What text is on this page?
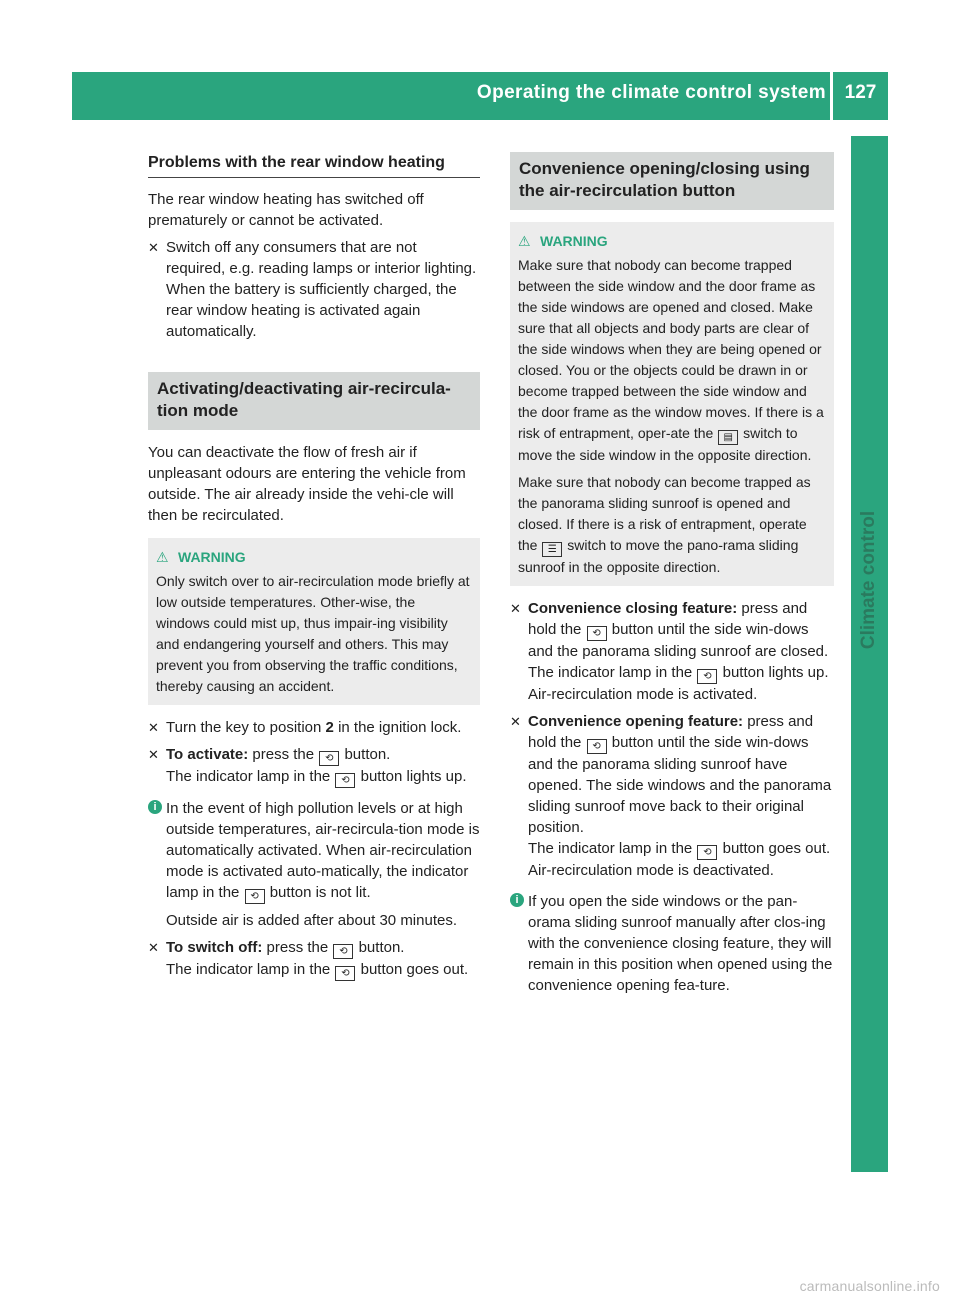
Operating the climate control system 127
Climate control
Problems with the rear window heating

The rear window heating has switched off prematurely or cannot be activated.

✕ Switch off any consumers that are not required, e.g. reading lamps or interior lighting.
When the battery is sufficiently charged, the rear window heating is activated again automatically.
Activating/deactivating air-recircula-tion mode

You can deactivate the flow of fresh air if unpleasant odours are entering the vehicle from outside. The air already inside the vehi-cle will then be recirculated.

⚠ WARNING

Only switch over to air-recirculation mode briefly at low outside temperatures. Other-wise, the windows could mist up, thus impair-ing visibility and endangering yourself and others. This may prevent you from observing the traffic conditions, thereby causing an accident.

✕ Turn the key to position 2 in the ignition lock.
✕ To activate: press the ⟲ button.
The indicator lamp in the ⟲ button lights up.
i In the event of high pollution levels or at high outside temperatures, air-recircula-tion mode is automatically activated. When air-recirculation mode is activated auto-matically, the indicator lamp in the ⟲ button is not lit.
Outside air is added after about 30 minutes.
✕ To switch off: press the ⟲ button.
The indicator lamp in the ⟲ button goes out.
Convenience opening/closing using the air-recirculation button
⚠ WARNING

Make sure that nobody can become trapped between the side window and the door frame as the side windows are opened and closed. Make sure that all objects and body parts are clear of the side windows when they are being opened or closed. You or the objects could be drawn in or become trapped between the side window and the door frame as the window moves. If there is a risk of entrapment, oper-ate the ▤ switch to move the side window in the opposite direction.

Make sure that nobody can become trapped as the panorama sliding sunroof is opened and closed. If there is a risk of entrapment, operate the ☰ switch to move the pano-rama sliding sunroof in the opposite direction.

✕ Convenience closing feature: press and hold the ⟲ button until the side win-dows and the panorama sliding sunroof are closed.
The indicator lamp in the ⟲ button lights up. Air-recirculation mode is activated.
✕ Convenience opening feature: press and hold the ⟲ button until the side win-dows and the panorama sliding sunroof have opened. The side windows and the panorama sliding sunroof move back to their original position.
The indicator lamp in the ⟲ button goes out. Air-recirculation mode is deactivated.
i If you open the side windows or the pan-orama sliding sunroof manually after clos-ing with the convenience closing feature, they will remain in this position when opened using the convenience opening fea-ture.
carmanualsonline.info
